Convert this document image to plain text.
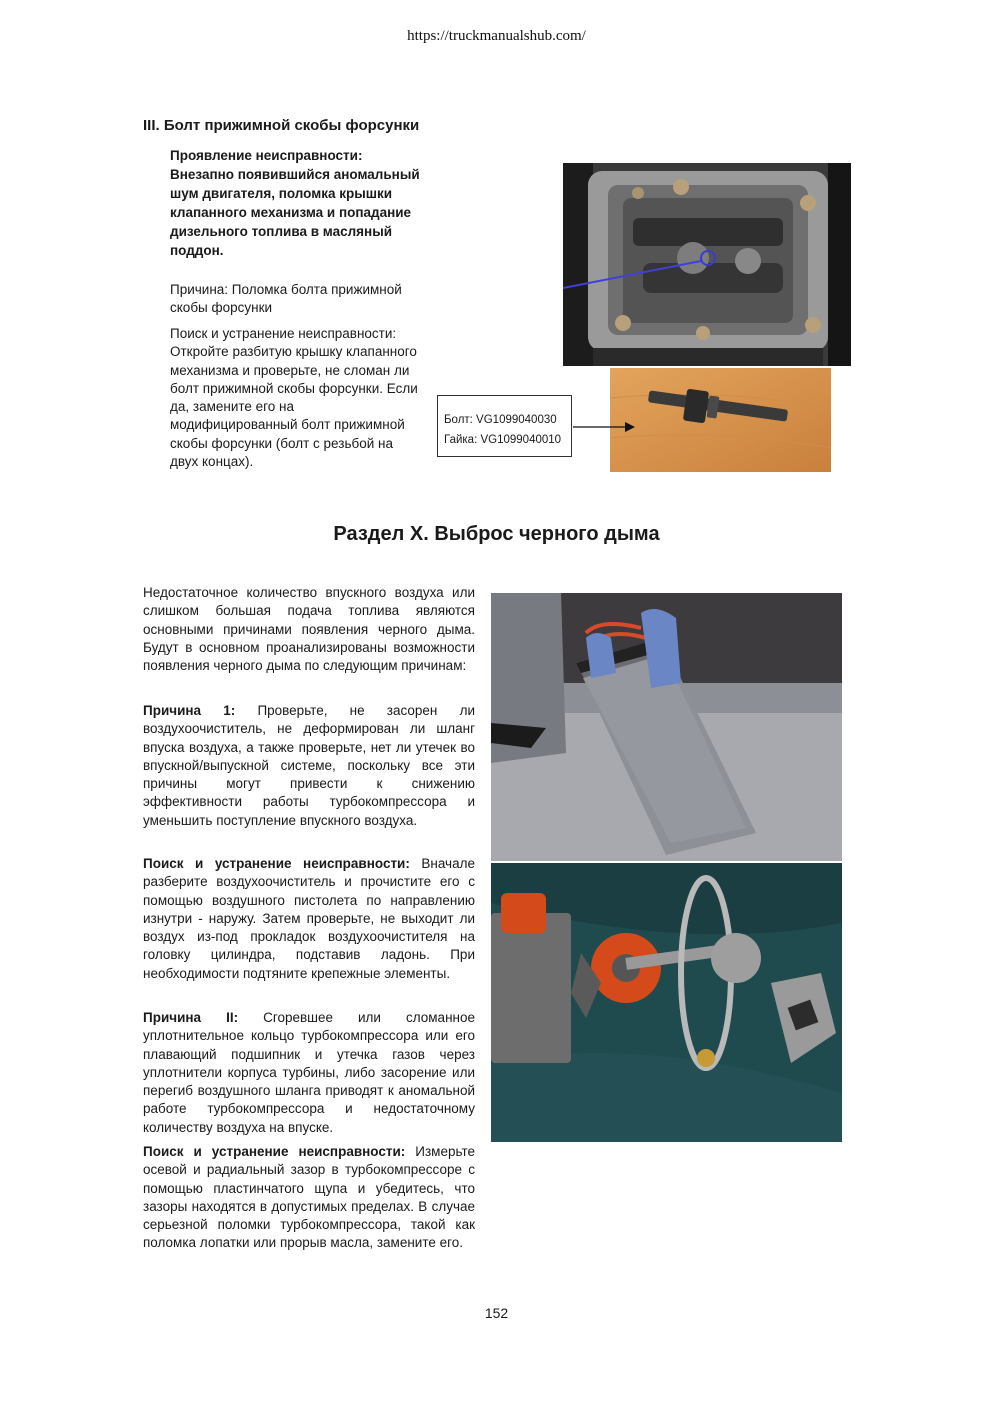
https://truckmanualshub.com/
III. Болт прижимной скобы форсунки
Проявление неисправности: Внезапно появившийся аномальный шум двигателя, поломка крышки клапанного механизма и попадание дизельного топлива в масляный поддон.
Причина: Поломка болта прижимной скобы форсунки
Поиск и устранение неисправности: Откройте разбитую крышку клапанного механизма и проверьте, не сломан ли болт прижимной скобы форсунки. Если да, замените его на модифицированный болт прижимной скобы форсунки (болт с резьбой на двух концах).
Болт: VG1099040030
Гайка: VG1099040010
Раздел X. Выброс черного дыма
Недостаточное количество впускного воздуха или слишком большая подача топлива являются основными причинами появления черного дыма. Будут в основном проанализированы возможности появления черного дыма по следующим причинам:
Причина 1: Проверьте, не засорен ли воздухоочиститель, не деформирован ли шланг впуска воздуха, а также проверьте, нет ли утечек во впускной/выпускной системе, поскольку все эти причины могут привести к снижению эффективности работы турбокомпрессора и уменьшить поступление впускного воздуха.
Поиск и устранение неисправности: Вначале разберите воздухоочиститель и прочистите его с помощью воздушного пистолета по направлению изнутри - наружу. Затем проверьте, не выходит ли воздух из-под прокладок воздухоочистителя на головку цилиндра, подставив ладонь. При необходимости подтяните крепежные элементы.
Причина II: Сгоревшее или сломанное уплотнительное кольцо турбокомпрессора или его плавающий подшипник и утечка газов через уплотнители корпуса турбины, либо засорение или перегиб воздушного шланга приводят к аномальной работе турбокомпрессора и недостаточному количеству воздуха на впуске.
Поиск и устранение неисправности: Измерьте осевой и радиальный зазор в турбокомпрессоре с помощью пластинчатого щупа и убедитесь, что зазоры находятся в допустимых пределах. В случае серьезной поломки турбокомпрессора, такой как поломка лопатки или прорыв масла, замените его.
152
